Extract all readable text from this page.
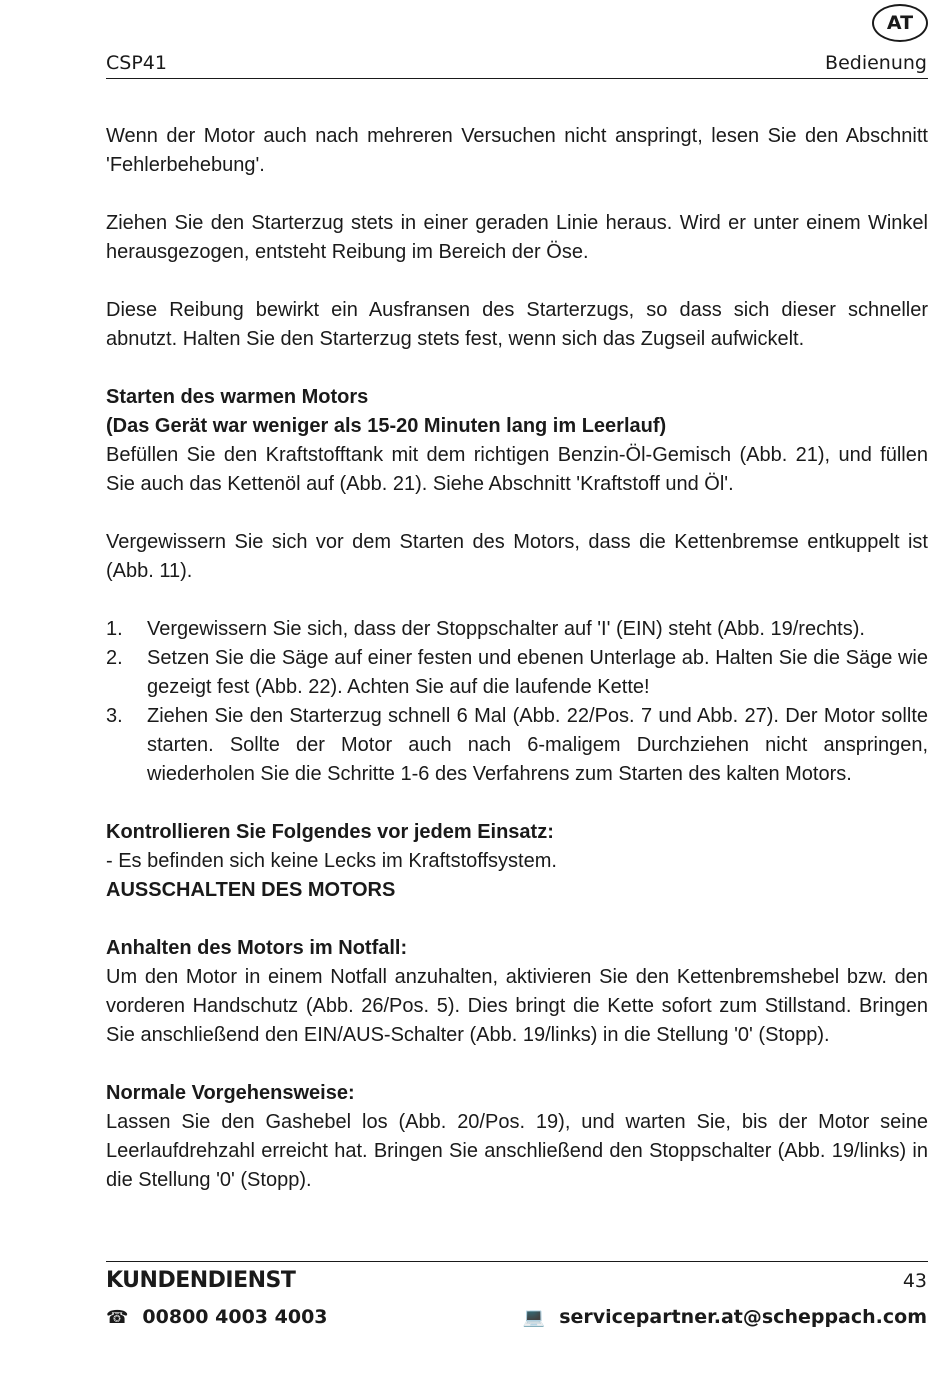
CSP41
AT
Bedienung

Wenn der Motor auch nach mehreren Versuchen nicht anspringt, lesen Sie den Abschnitt 'Fehlerbehebung'.

Ziehen Sie den Starterzug stets in einer geraden Linie heraus. Wird er unter einem Winkel herausgezogen, entsteht Reibung im Bereich der Öse.

Diese Reibung bewirkt ein Ausfransen des Starterzugs, so dass sich dieser schneller abnutzt. Halten Sie den Starterzug stets fest, wenn sich das Zugseil aufwickelt.

Starten des warmen Motors
(Das Gerät war weniger als 15-20 Minuten lang im Leerlauf)

Befüllen Sie den Kraftstofftank mit dem richtigen Benzin-Öl-Gemisch (Abb. 21), und füllen Sie auch das Kettenöl auf (Abb. 21). Siehe Abschnitt 'Kraftstoff und Öl'.

Vergewissern Sie sich vor dem Starten des Motors, dass die Kettenbremse entkuppelt ist (Abb. 11).

1. Vergewissern Sie sich, dass der Stoppschalter auf 'I' (EIN) steht (Abb. 19/rechts).
2. Setzen Sie die Säge auf einer festen und ebenen Unterlage ab. Halten Sie die Säge wie gezeigt fest (Abb. 22). Achten Sie auf die laufende Kette!
3. Ziehen Sie den Starterzug schnell 6 Mal (Abb. 22/Pos. 7 und Abb. 27). Der Motor sollte starten. Sollte der Motor auch nach 6-maligem Durchziehen nicht anspringen, wiederholen Sie die Schritte 1-6 des Verfahrens zum Starten des kalten Motors.
Kontrollieren Sie Folgendes vor jedem Einsatz:
- Es befinden sich keine Lecks im Kraftstoffsystem.
AUSSCHALTEN DES MOTORS
Anhalten des Motors im Notfall:

Um den Motor in einem Notfall anzuhalten, aktivieren Sie den Kettenbremshebel bzw. den vorderen Handschutz (Abb. 26/Pos. 5). Dies bringt die Kette sofort zum Stillstand. Bringen Sie anschließend den EIN/AUS-Schalter (Abb. 19/links) in die Stellung '0' (Stopp).

Normale Vorgehensweise:

Lassen Sie den Gashebel los (Abb. 20/Pos. 19), und warten Sie, bis der Motor seine Leerlaufdrehzahl erreicht hat. Bringen Sie anschließend den Stoppschalter (Abb. 19/links) in die Stellung '0' (Stopp).

KUNDENDIENST	43
☎ 00800 4003 4003	💻 servicepartner.at@scheppach.com
